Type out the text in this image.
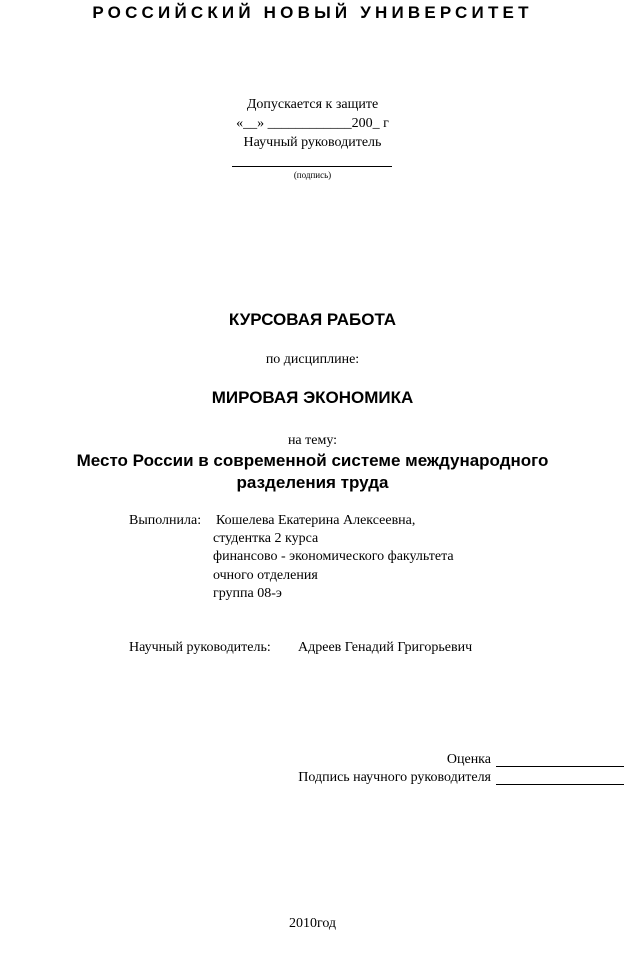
РОССИЙСКИЙ НОВЫЙ УНИВЕРСИТЕТ
Допускается к защите
«__» ____________200_ г
Научный руководитель
(подпись)
КУРСОВАЯ РАБОТА
по дисциплине:
МИРОВАЯ ЭКОНОМИКА
на тему:
Место России в современной системе международного
разделения труда
Выполнила: Кошелева Екатерина Алексеевна,
студентка 2 курса
финансово - экономического факультета
очного отделения
группа 08-э
Научный руководитель: Адреев Генадий Григорьевич
Оценка
Подпись научного руководителя
2010год
